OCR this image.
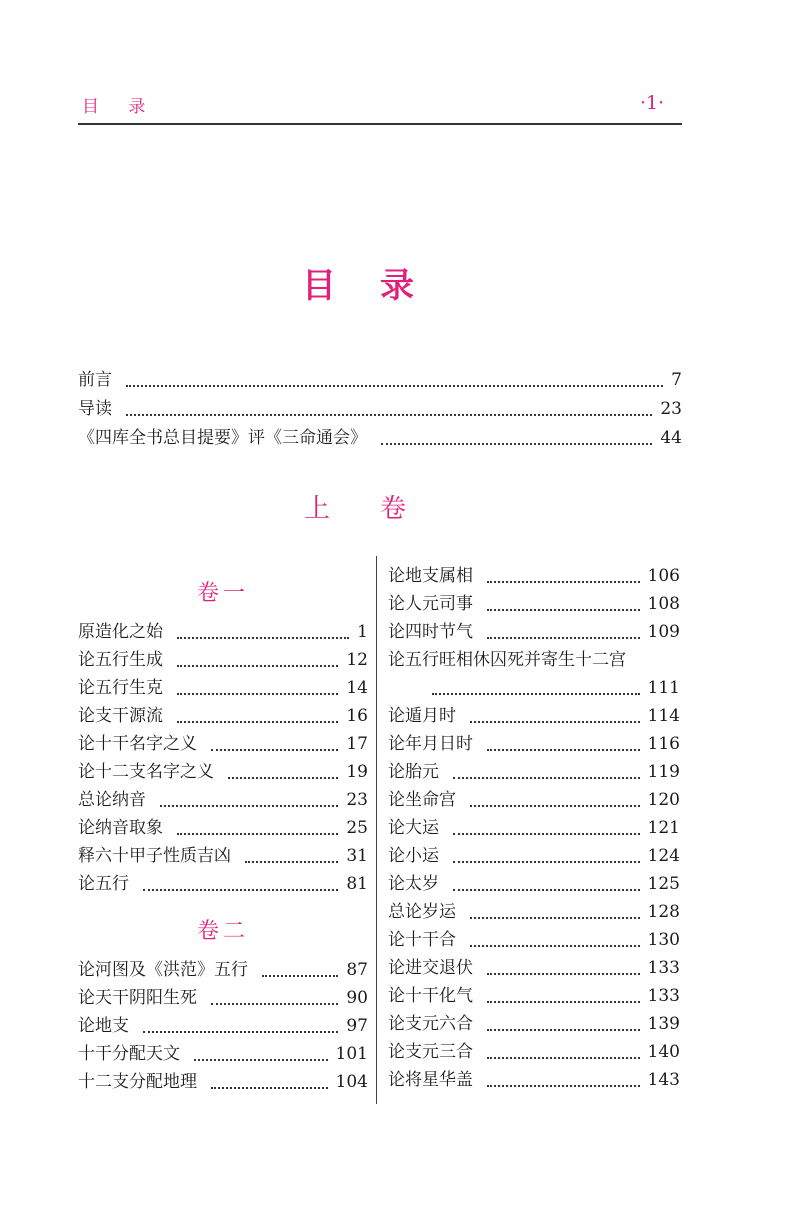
目 录	·1·
目录
前言	7
导读	23
《四库全书总目提要》评《三命通会》	44
上卷
卷一
原造化之始	1
论五行生成	12
论五行生克	14
论支干源流	16
论十干名字之义	17
论十二支名字之义	19
总论纳音	23
论纳音取象	25
释六十甲子性质吉凶	31
论五行	81
卷二
论河图及《洪范》五行	87
论天干阴阳生死	90
论地支	97
十干分配天文	101
十二支分配地理	104
论地支属相	106
论人元司事	108
论四时节气	109
论五行旺相休囚死并寄生十二宫
111
论遁月时	114
论年月日时	116
论胎元	119
论坐命宫	120
论大运	121
论小运	124
论太岁	125
总论岁运	128
论十干合	130
论进交退伏	133
论十干化气	133
论支元六合	139
论支元三合	140
论将星华盖	143
